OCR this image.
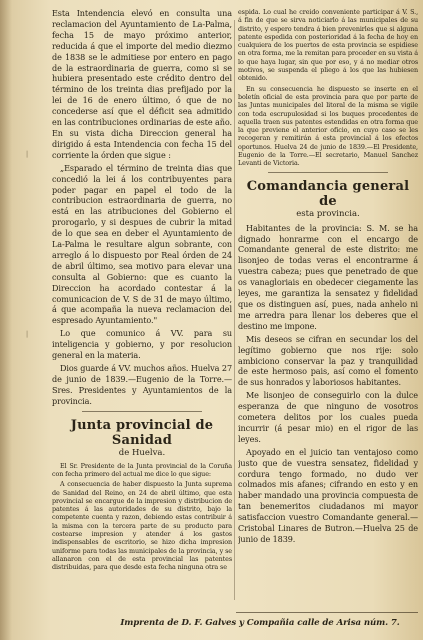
❘
❘

Esta Intendencia elevó en consulta una reclamacion del Ayuntamiento de La-Palma, fecha 15 de mayo próximo anterior, reducida á que el importe del medio diezmo de 1838 se le admitiese por entero en pago de la estraordinaria de guerra, como si se hubiera presentado este crédito dentro del término de los treinta dias prefijado por la lei de 16 de enero último, ó que de no concederse así que el déficit sea admitido en las contribuciones ordinarias de este año. En su vista dicha Direccion general ha dirigido á esta Intendencia con fecha 15 del corriente la órden que sigue :

„Esparado el término de treinta dias que concedió la lei á los contribuyentes para poder pagar en papel el todo de la contribucion estraordinaria de guerra, no está en las atribuciones del Gobierno el prorogarlo, y si despues de cubrir la mitad de lo que sea en deber el Ayuntamiento de La-Palma le resultare algun sobrante, con arreglo á lo dispuesto por Real órden de 24 de abril último, sea motivo para elevar una consulta al Gobierno: que es cuanto la Direccion ha acordado contestar á la comunicacion de V. S de 31 de mayo último, á que acompaña la nueva reclamacion del espresado Ayuntamiento."

Lo que comunico á VV. para su inteligencia y gobierno, y por resolucion general en la materia.

Dios guarde á VV. muchos años. Huelva 27 de junio de 1839.—Eugenio de la Torre.—Sres. Presidentes y Ayuntamientos de la provincia.

Junta provincial de Sanidad
de Huelva.

El Sr. Presidente de la Junta provincial de la Coruña con fecha primero del actual me dice lo que sigue:

A consecuencia de haber dispuesto la Junta suprema de Sanidad del Reino, en 24 de abril último, que esta provincial se encargue de la impresion y distribucion de patentes á las autoridades de su distrito, bajo la competente cuenta y razon, debiendo estas contribuir á la misma con la tercera parte de su producto para costearse impresion y atender á los gastos indispensables de escritorio, se hizo dicha impresion uniforme para todas las municipales de la provincia, y se allanaron con el de esta provincial las patentes distribuidas, para que desde esta fecha ninguna otra se

espida. Lo cual he creido conveniente participar á V. S., á fin de que se sirva noticiarlo á las municipales de su distrito, y espero tendra á bien prevenirles que si alguna patente espedida con posterioridad á la fecha de hoy en cualquiera de los puertos de esta provincia se espidiese en otra forma, me la remitan para proceder en su vista á lo que haya lugar, sin que por eso, y á no mediar otros motivos, se suspenda el pliego á los que las hubiesen obtenido.

En su consecuencia he dispuesto se inserte en el boletín oficial de esta provincia para que por parte de las Juntas municipales del litoral de la misma se vigile con toda escrupulosidad si los buques procedentes de aquella traen sus patentes estendidas en otra forma que la que previene el anterior oficio, en cuyo caso se les recogeran y remitirán á esta provincial á los efectos oportunos. Huelva 24 de junio de 1839.—El Presidente, Eugenio de la Torre.—El secretario, Manuel Sanchez Levanti de Victoria.

Comandancia general de
esta provincia.

Habitantes de la provincia: S. M. se ha dignado honrarme con el encargo de Comandante general de este distrito: me lisonjeo de todas veras el encontrarme á vuestra cabeza; pues que penetrado de que os vanagloriais en obedecer ciegamente las leyes, me garantiza la sensatez y fidelidad que os distinguen así, pues, nada anhelo ni me arredra para llenar los deberes que el destino me impone.

Mis deseos se cifran en secundar los del legítimo gobierno que nos rije: solo ambiciono conservar la paz y tranquilidad de este hermoso pais, así como el fomento de sus honrados y laboriosos habitantes.

Me lisonjeo de conseguirlo con la dulce esperanza de que ninguno de vosotros cometera delitos por los cuales pueda incurrir (á pesar mio) en el rigor de las leyes.

Apoyado en el juicio tan ventajoso como justo que de vuestra sensatez, fidelidad y cordura tengo formado, no dudo ver colmados mis afanes; cifrando en esto y en haber mandado una provincia compuesta de tan benemeritos ciudadanos mi mayor satisfaccion vuestro Comandante general.—Cristobal Linares de Butron.—Huelva 25 de junio de 1839.

Imprenta de D. F. Galves y Compañia calle de Arisa núm. 7.
